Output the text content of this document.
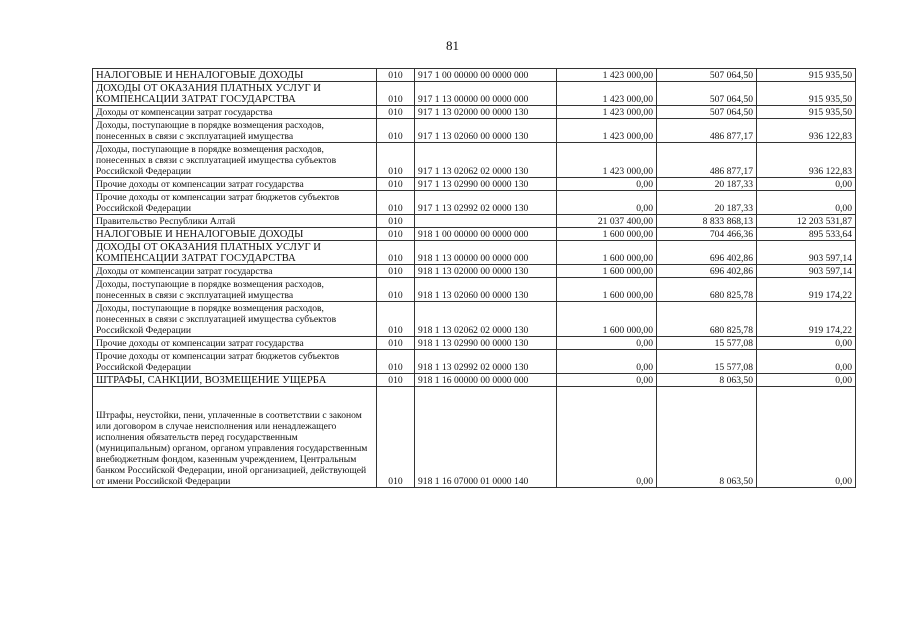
81
НАЛОГОВЫЕ И НЕНАЛОГОВЫЕ ДОХОДЫ	010	917 1 00 00000 00 0000 000	1 423 000,00	507 064,50	915 935,50
ДОХОДЫ ОТ ОКАЗАНИЯ ПЛАТНЫХ УСЛУГ И КОМПЕНСАЦИИ ЗАТРАТ ГОСУДАРСТВА	010	917 1 13 00000 00 0000 000	1 423 000,00	507 064,50	915 935,50
Доходы от компенсации затрат государства	010	917 1 13 02000 00 0000 130	1 423 000,00	507 064,50	915 935,50
Доходы, поступающие в порядке возмещения расходов, понесенных в связи с эксплуатацией имущества	010	917 1 13 02060 00 0000 130	1 423 000,00	486 877,17	936 122,83
Доходы, поступающие в порядке возмещения расходов, понесенных в связи с эксплуатацией имущества субъектов Российской Федерации	010	917 1 13 02062 02 0000 130	1 423 000,00	486 877,17	936 122,83
Прочие доходы от компенсации затрат государства	010	917 1 13 02990 00 0000 130	0,00	20 187,33	0,00
Прочие доходы от компенсации затрат бюджетов субъектов Российской Федерации	010	917 1 13 02992 02 0000 130	0,00	20 187,33	0,00
Правительство Республики Алтай	010		21 037 400,00	8 833 868,13	12 203 531,87
НАЛОГОВЫЕ И НЕНАЛОГОВЫЕ ДОХОДЫ	010	918 1 00 00000 00 0000 000	1 600 000,00	704 466,36	895 533,64
ДОХОДЫ ОТ ОКАЗАНИЯ ПЛАТНЫХ УСЛУГ И КОМПЕНСАЦИИ ЗАТРАТ ГОСУДАРСТВА	010	918 1 13 00000 00 0000 000	1 600 000,00	696 402,86	903 597,14
Доходы от компенсации затрат государства	010	918 1 13 02000 00 0000 130	1 600 000,00	696 402,86	903 597,14
Доходы, поступающие в порядке возмещения расходов, понесенных в связи с эксплуатацией имущества	010	918 1 13 02060 00 0000 130	1 600 000,00	680 825,78	919 174,22
Доходы, поступающие в порядке возмещения расходов, понесенных в связи с эксплуатацией имущества субъектов Российской Федерации	010	918 1 13 02062 02 0000 130	1 600 000,00	680 825,78	919 174,22
Прочие доходы от компенсации затрат государства	010	918 1 13 02990 00 0000 130	0,00	15 577,08	0,00
Прочие доходы от компенсации затрат бюджетов субъектов Российской Федерации	010	918 1 13 02992 02 0000 130	0,00	15 577,08	0,00
ШТРАФЫ, САНКЦИИ, ВОЗМЕЩЕНИЕ УЩЕРБА	010	918 1 16 00000 00 0000 000	0,00	8 063,50	0,00
Штрафы, неустойки, пени, уплаченные в соответствии с законом или договором в случае неисполнения или ненадлежащего исполнения обязательств перед государственным (муниципальным) органом, органом управления государственным внебюджетным фондом, казенным учреждением, Центральным банком Российской Федерации, иной организацией, действующей от имени Российской Федерации	010	918 1 16 07000 01 0000 140	0,00	8 063,50	0,00
